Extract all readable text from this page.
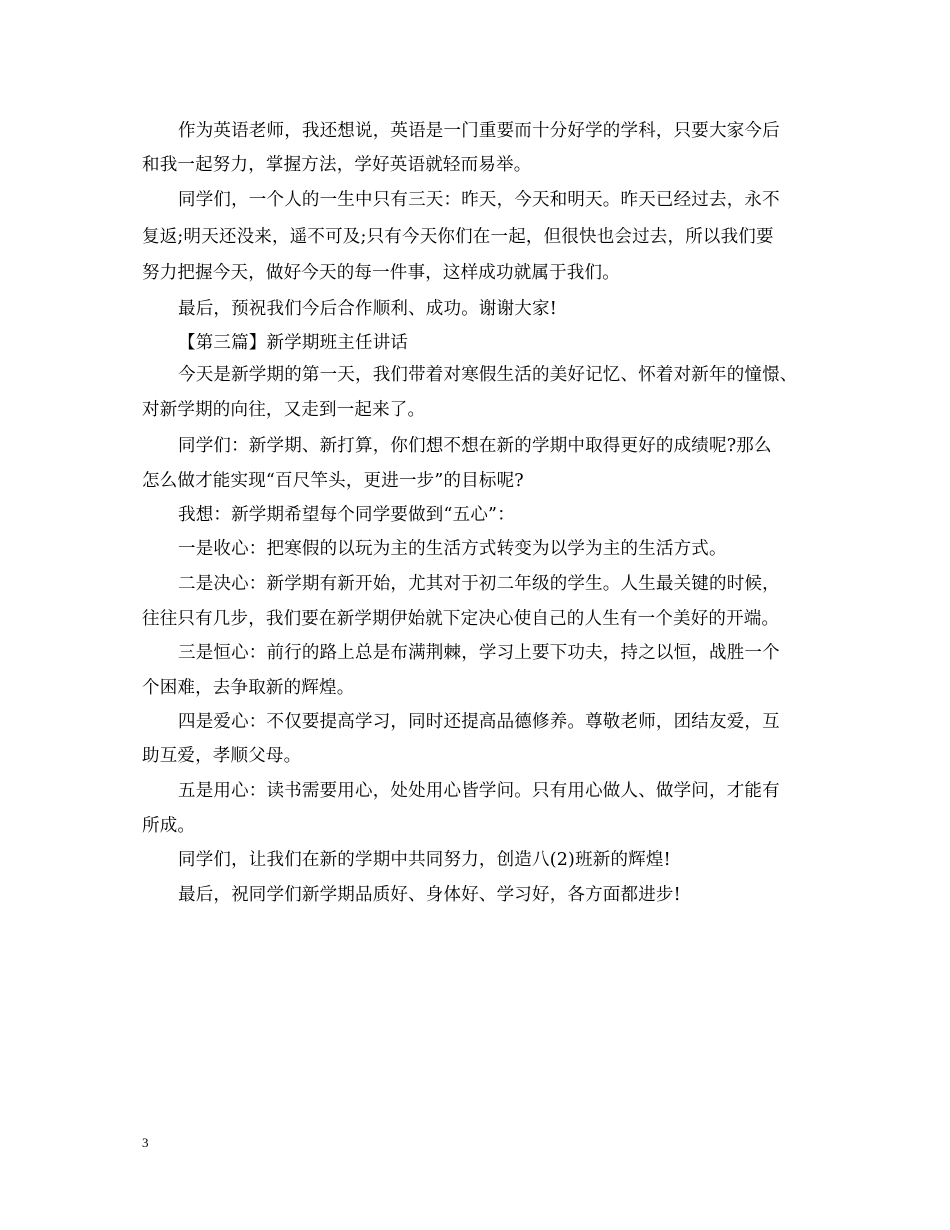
作为英语老师，我还想说，英语是一门重要而十分好学的学科，只要大家今后
和我一起努力，掌握方法，学好英语就轻而易举。
同学们，一个人的一生中只有三天：昨天，今天和明天。昨天已经过去，永不
复返;明天还没来，遥不可及;只有今天你们在一起，但很快也会过去，所以我们要
努力把握今天，做好今天的每一件事，这样成功就属于我们。
最后，预祝我们今后合作顺利、成功。谢谢大家!
【第三篇】新学期班主任讲话
今天是新学期的第一天，我们带着对寒假生活的美好记忆、怀着对新年的憧憬、
对新学期的向往，又走到一起来了。
同学们：新学期、新打算，你们想不想在新的学期中取得更好的成绩呢?那么
怎么做才能实现“百尺竿头，更进一步”的目标呢?
我想：新学期希望每个同学要做到“五心”：
一是收心：把寒假的以玩为主的生活方式转变为以学为主的生活方式。
二是决心：新学期有新开始，尤其对于初二年级的学生。人生最关键的时候，
往往只有几步，我们要在新学期伊始就下定决心使自己的人生有一个美好的开端。
三是恒心：前行的路上总是布满荆棘，学习上要下功夫，持之以恒，战胜一个
个困难，去争取新的辉煌。
四是爱心：不仅要提高学习，同时还提高品德修养。尊敬老师，团结友爱，互
助互爱，孝顺父母。
五是用心：读书需要用心，处处用心皆学问。只有用心做人、做学问，才能有
所成。
同学们，让我们在新的学期中共同努力，创造八(2)班新的辉煌!
最后，祝同学们新学期品质好、身体好、学习好，各方面都进步!
3
